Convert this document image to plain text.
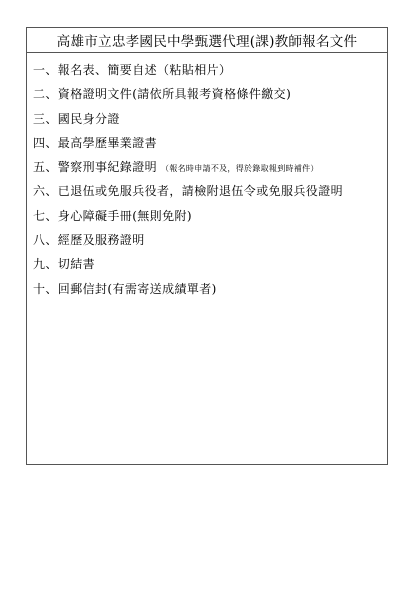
高雄市立忠孝國民中學甄選代理(課)教師報名文件
一、報名表、簡要自述（粘貼相片）
二、資格證明文件(請依所具報考資格條件繳交)
三、國民身分證
四、最高學歷畢業證書
五、警察刑事紀錄證明 （報名時申請不及，得於錄取報到時補件）
六、已退伍或免服兵役者，請檢附退伍令或免服兵役證明
七、身心障礙手冊(無則免附)
八、經歷及服務證明
九、切結書
十、回郵信封(有需寄送成績單者)
